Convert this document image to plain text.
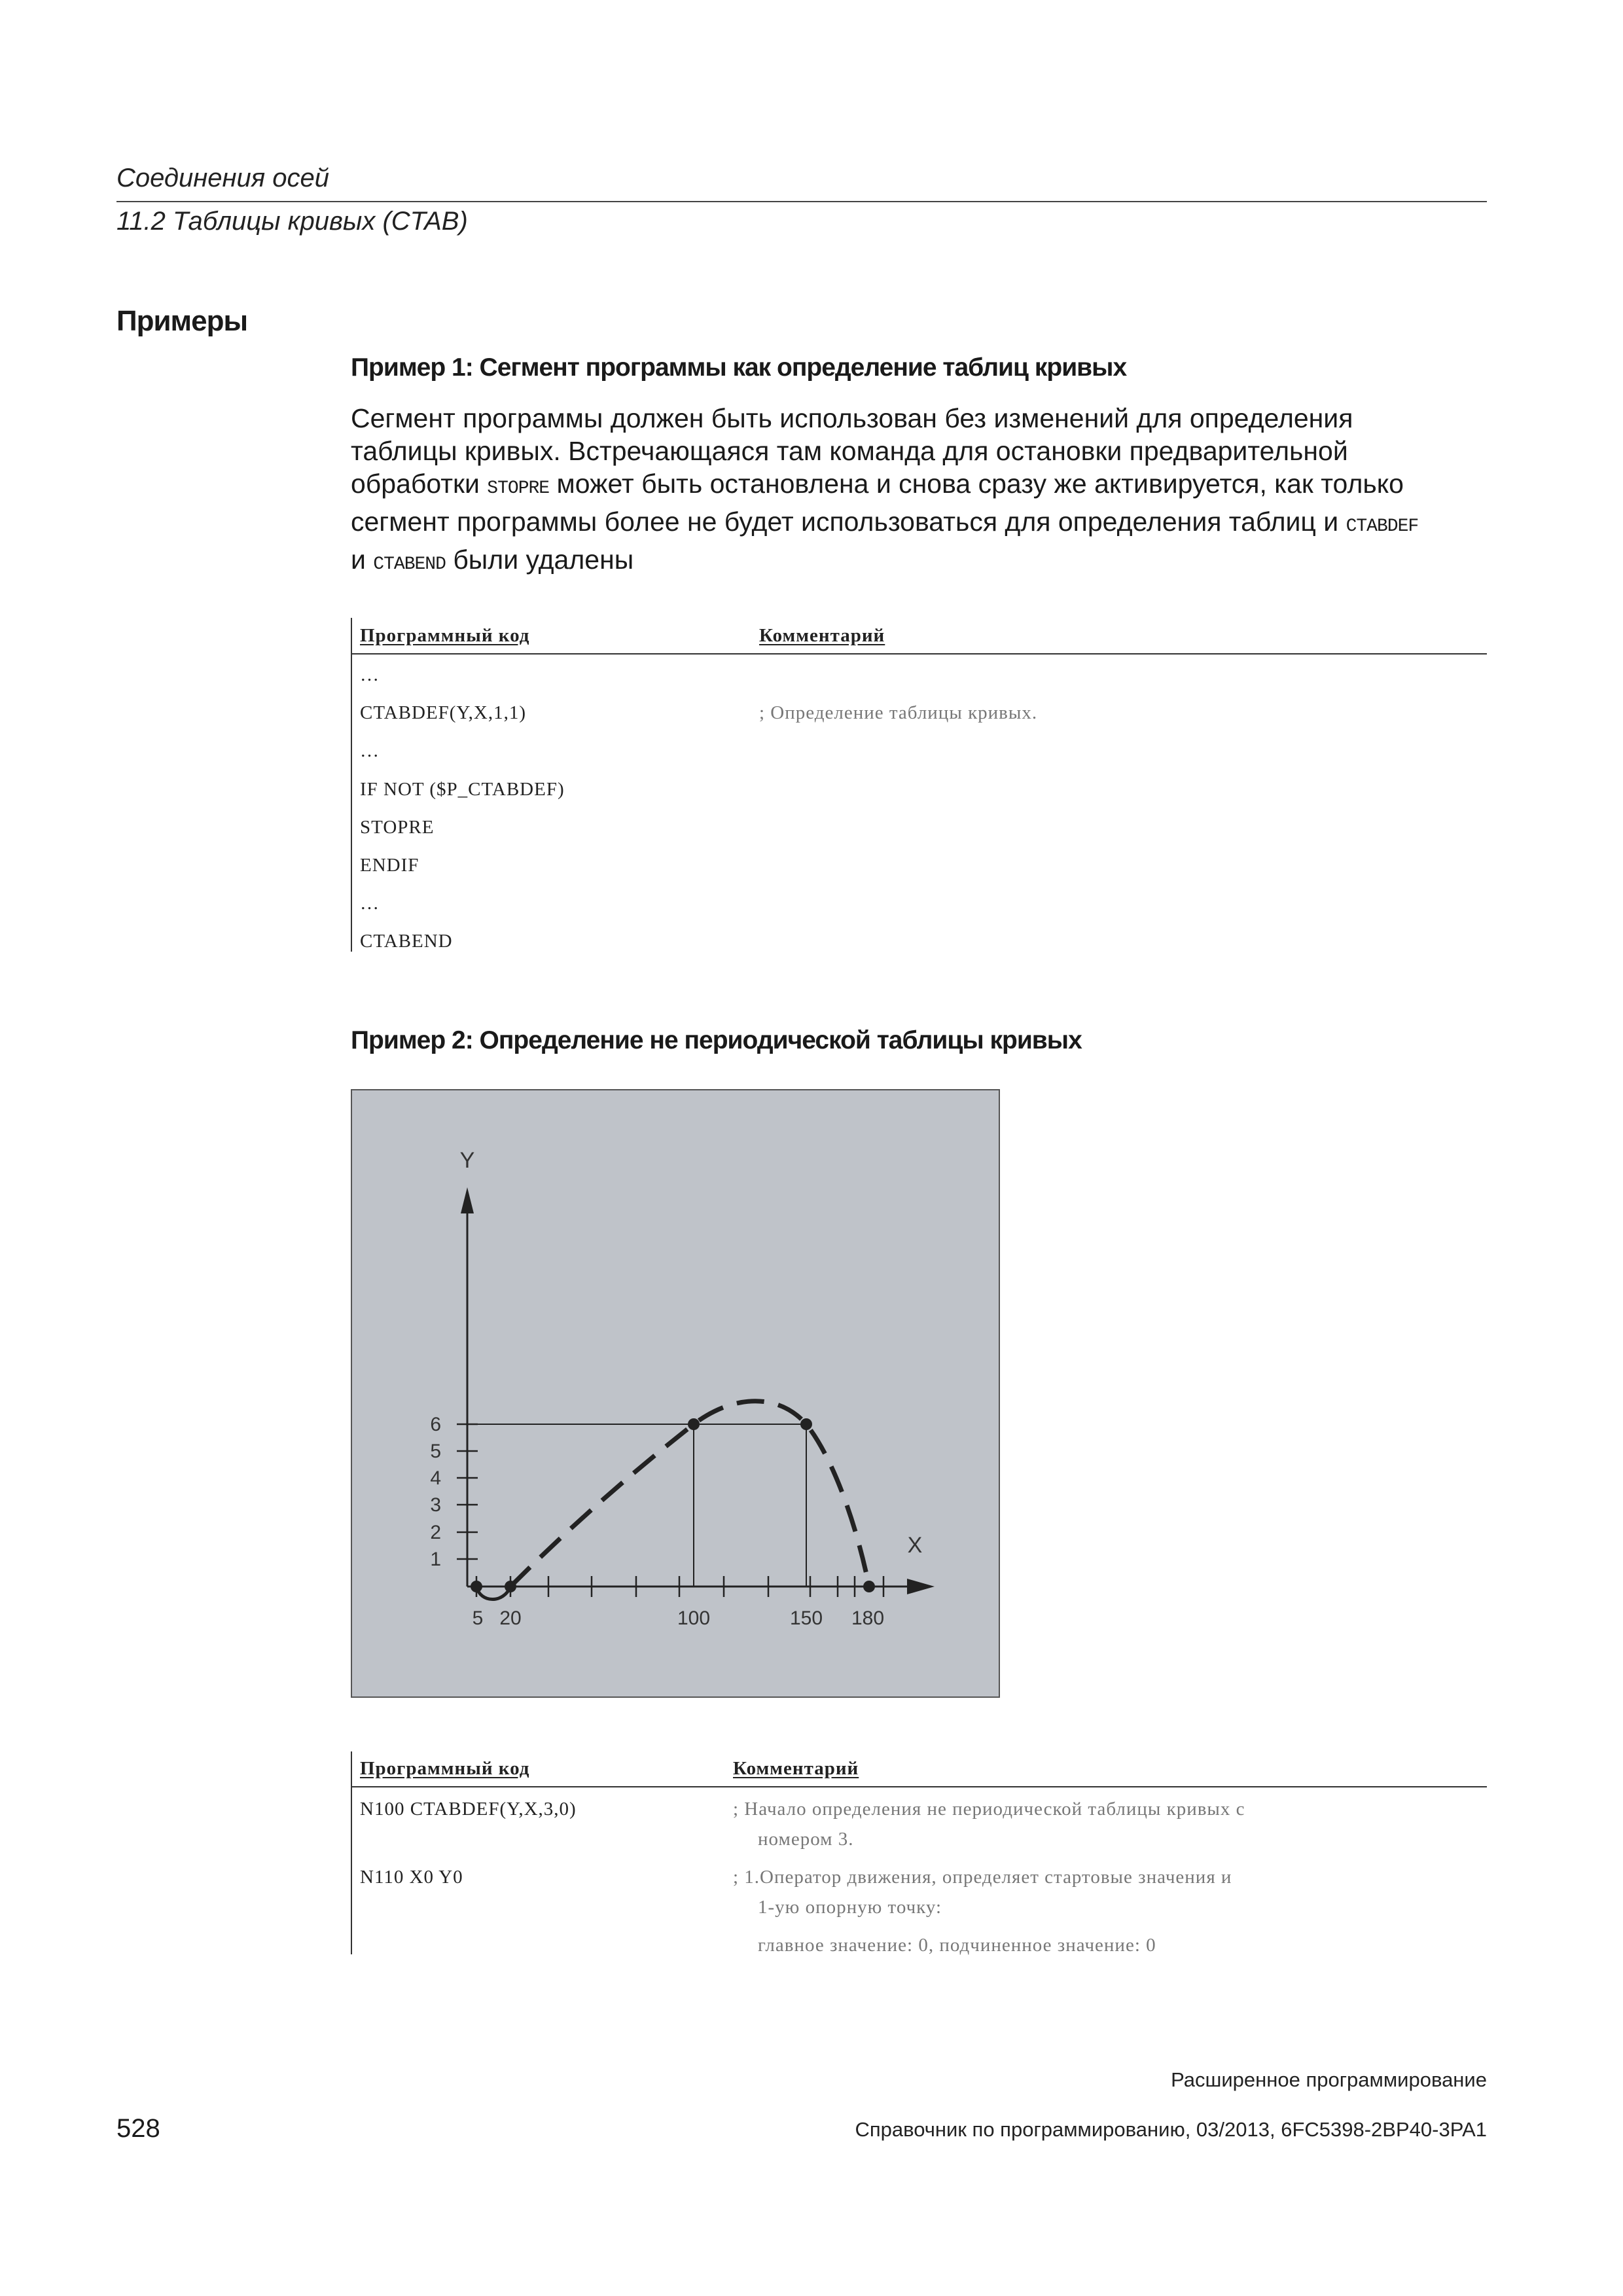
Соединения осей
11.2 Таблицы кривых (CTAB)
Примеры
Пример 1: Сегмент программы как определение таблиц кривых
Сегмент программы должен быть использован без изменений для определения
таблицы кривых. Встречающаяся там команда для остановки предварительной
обработки STOPRE может быть остановлена и снова сразу же активируется, как только
сегмент программы более не будет использоваться для определения таблиц и CTABDEF
и CTABEND были удалены
Программный код	Комментарий
…
CTABDEF(Y,X,1,1)	; Определение таблицы кривых.
…
IF NOT ($P_CTABDEF)
STOPRE
ENDIF
…
CTABEND
Пример 2: Определение не периодической таблицы кривых
Y
X
1
2
3
4
5
6
5 20	100	150 180
Программный код	Комментарий
N100 CTABDEF(Y,X,3,0)	; Начало определения не периодической таблицы кривых с
номером 3.
N110 X0 Y0	; 1.Оператор движения, определяет стартовые значения и
1-ую опорную точку:
главное значение: 0, подчиненное значение: 0
Расширенное программирование
528	Справочник по программированию, 03/2013, 6FC5398-2BP40-3PA1
